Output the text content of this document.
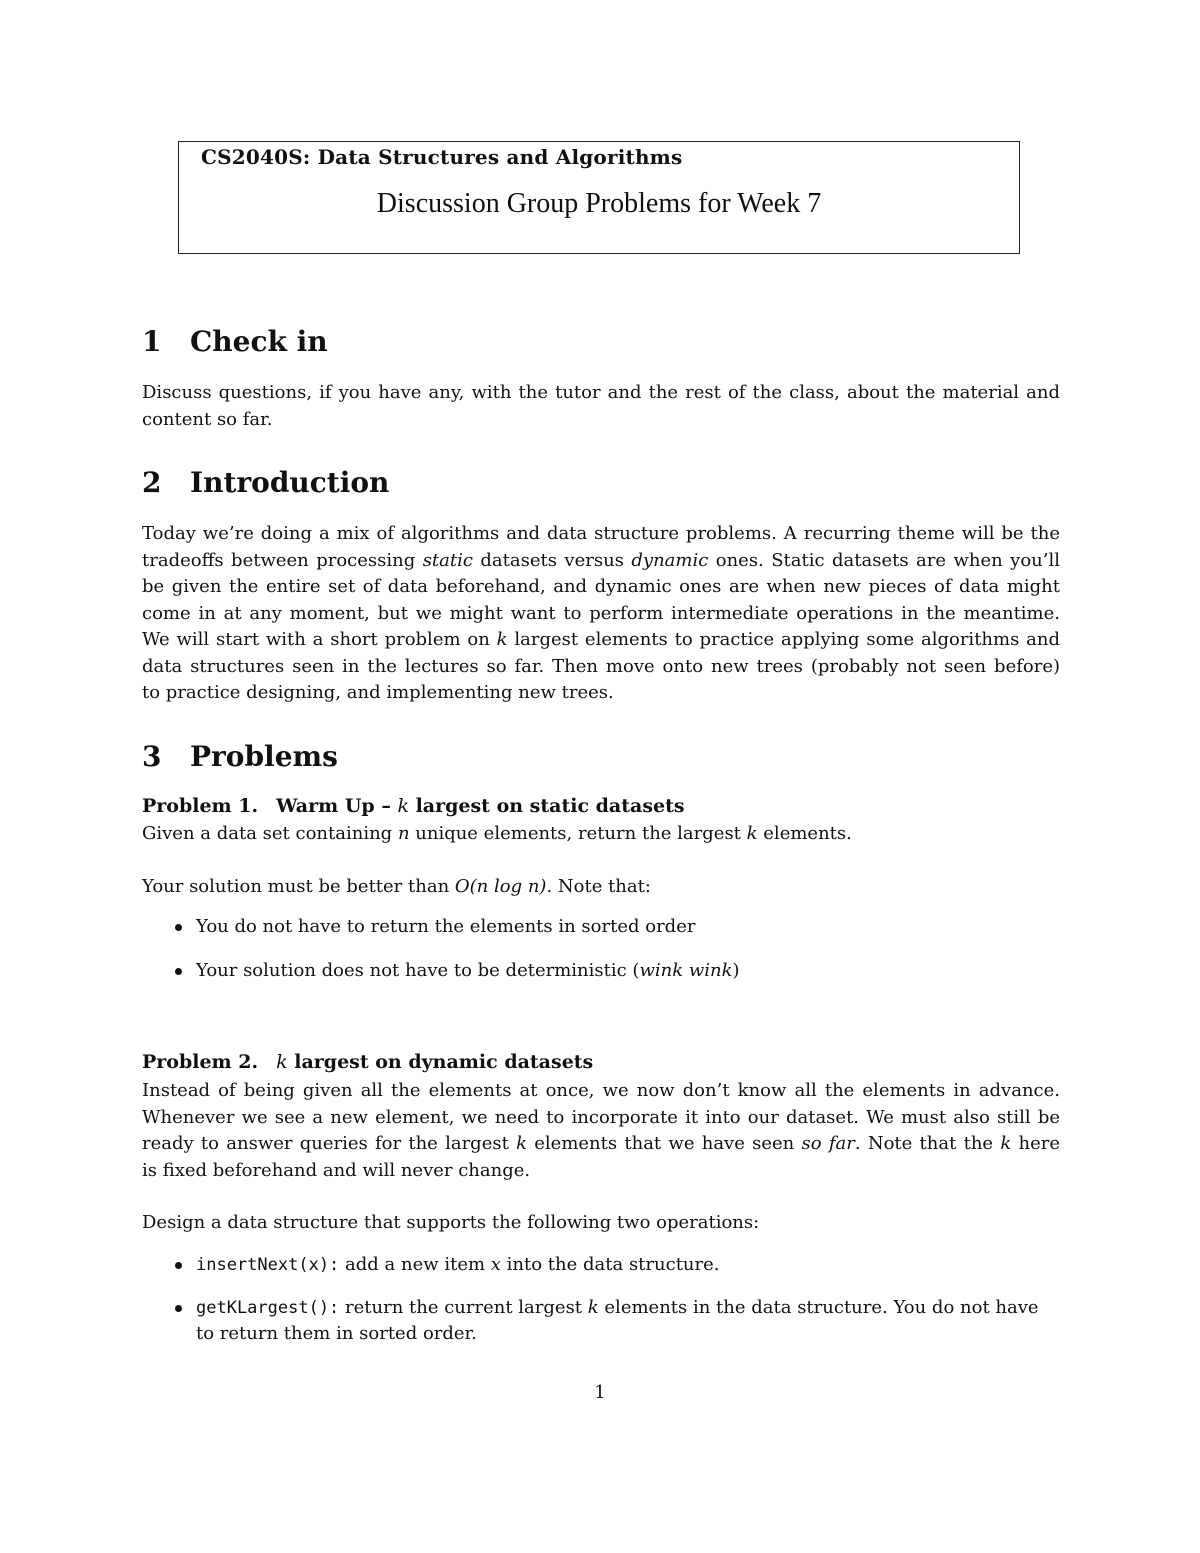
CS2040S: Data Structures and Algorithms
Discussion Group Problems for Week 7
1 Check in
Discuss questions, if you have any, with the tutor and the rest of the class, about the material and
content so far.
2 Introduction
Today we’re doing a mix of algorithms and data structure problems. A recurring theme will be the
tradeoffs between processing static datasets versus dynamic ones. Static datasets are when you’ll
be given the entire set of data beforehand, and dynamic ones are when new pieces of data might
come in at any moment, but we might want to perform intermediate operations in the meantime.
We will start with a short problem on k largest elements to practice applying some algorithms and
data structures seen in the lectures so far. Then move onto new trees (probably not seen before)
to practice designing, and implementing new trees.
3 Problems
Problem 1. Warm Up – k largest on static datasets
Given a data set containing n unique elements, return the largest k elements.
Your solution must be better than O(n log n). Note that:
You do not have to return the elements in sorted order
Your solution does not have to be deterministic (wink wink)
Problem 2. k largest on dynamic datasets
Instead of being given all the elements at once, we now don’t know all the elements in advance.
Whenever we see a new element, we need to incorporate it into our dataset. We must also still be
ready to answer queries for the largest k elements that we have seen so far. Note that the k here
is fixed beforehand and will never change.
Design a data structure that supports the following two operations:
insertNext(x): add a new item x into the data structure.
getKLargest(): return the current largest k elements in the data structure. You do not have
to return them in sorted order.
1
